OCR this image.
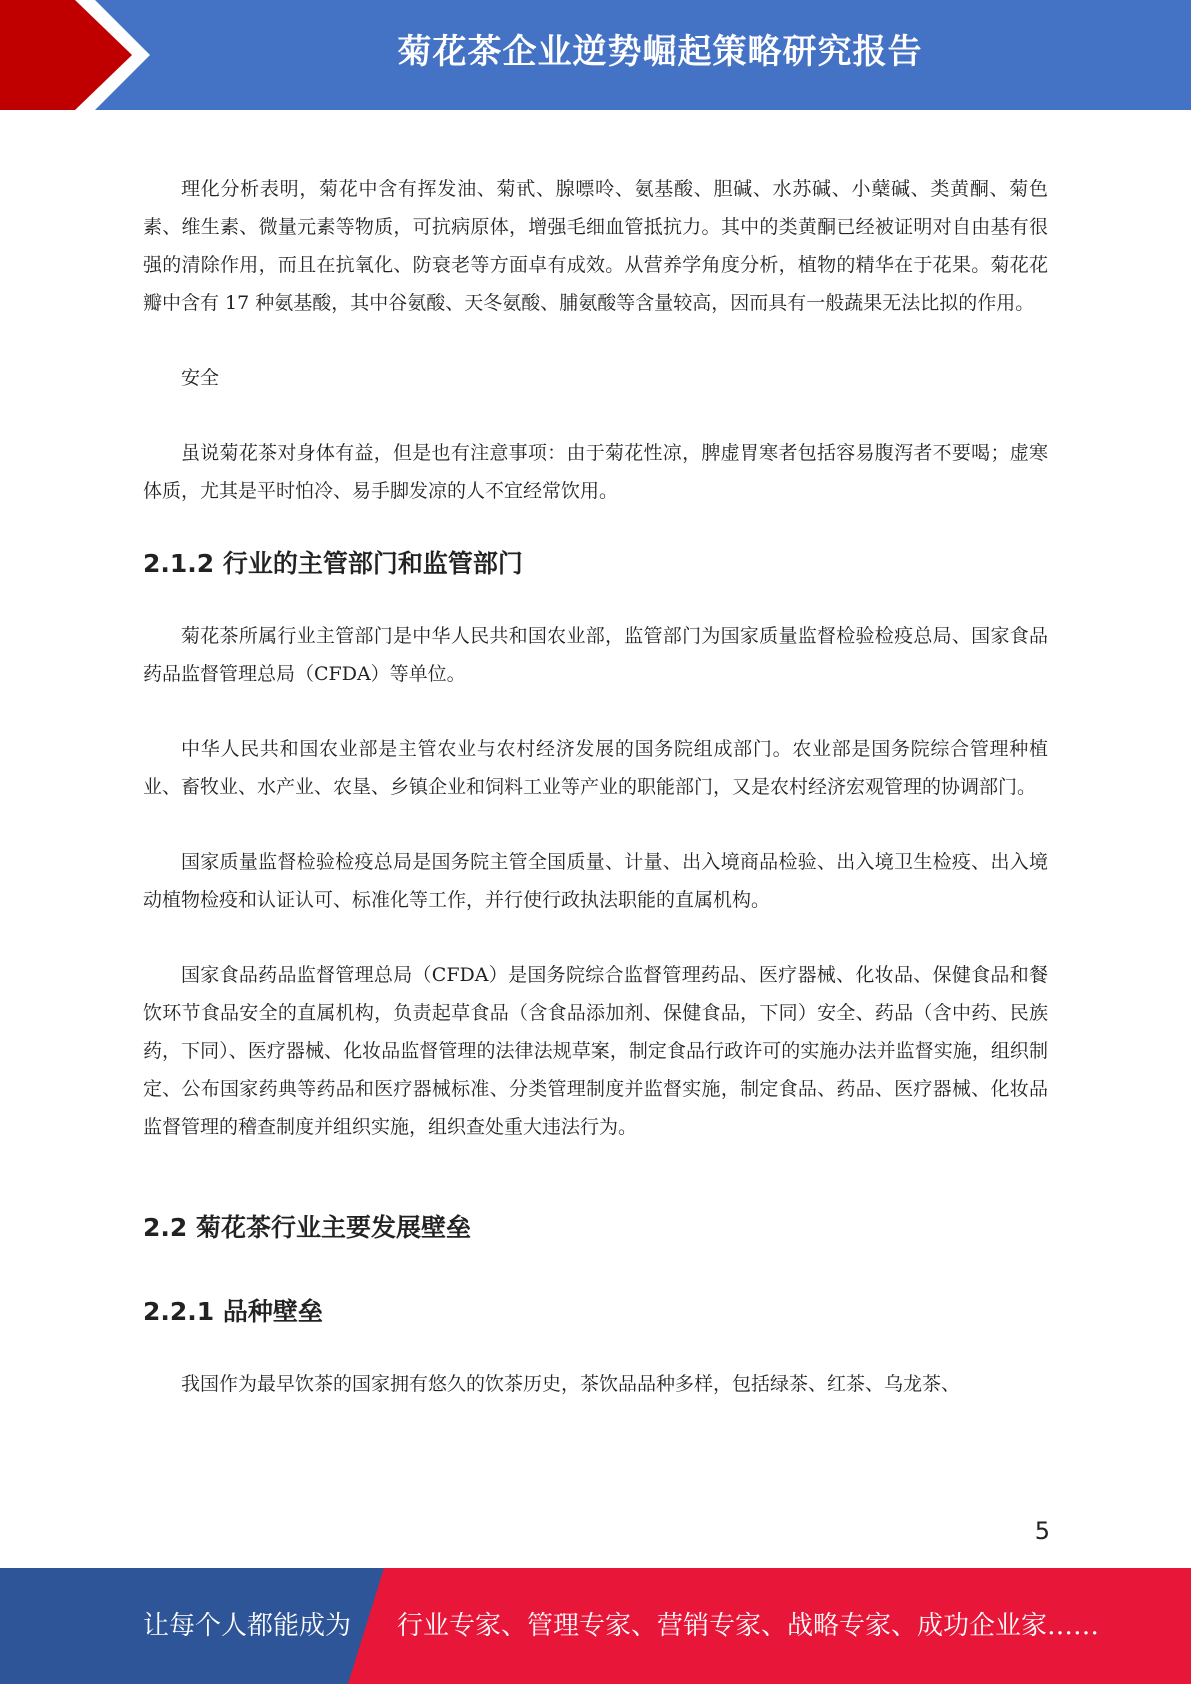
菊花茶企业逆势崛起策略研究报告

理化分析表明，菊花中含有挥发油、菊甙、腺嘌呤、氨基酸、胆碱、水苏碱、小蘖碱、类黄酮、菊色素、维生素、微量元素等物质，可抗病原体，增强毛细血管抵抗力。其中的类黄酮已经被证明对自由基有很强的清除作用，而且在抗氧化、防衰老等方面卓有成效。从营养学角度分析，植物的精华在于花果。菊花花瓣中含有 17 种氨基酸，其中谷氨酸、天冬氨酸、脯氨酸等含量较高，因而具有一般蔬果无法比拟的作用。

安全

虽说菊花茶对身体有益，但是也有注意事项：由于菊花性凉，脾虚胃寒者包括容易腹泻者不要喝；虚寒体质，尤其是平时怕冷、易手脚发凉的人不宜经常饮用。

2.1.2 行业的主管部门和监管部门

菊花茶所属行业主管部门是中华人民共和国农业部，监管部门为国家质量监督检验检疫总局、国家食品药品监督管理总局（CFDA）等单位。

中华人民共和国农业部是主管农业与农村经济发展的国务院组成部门。农业部是国务院综合管理种植业、畜牧业、水产业、农垦、乡镇企业和饲料工业等产业的职能部门，又是农村经济宏观管理的协调部门。

国家质量监督检验检疫总局是国务院主管全国质量、计量、出入境商品检验、出入境卫生检疫、出入境动植物检疫和认证认可、标准化等工作，并行使行政执法职能的直属机构。

国家食品药品监督管理总局（CFDA）是国务院综合监督管理药品、医疗器械、化妆品、保健食品和餐饮环节食品安全的直属机构，负责起草食品（含食品添加剂、保健食品，下同）安全、药品（含中药、民族药，下同）、医疗器械、化妆品监督管理的法律法规草案，制定食品行政许可的实施办法并监督实施，组织制定、公布国家药典等药品和医疗器械标准、分类管理制度并监督实施，制定食品、药品、医疗器械、化妆品监督管理的稽查制度并组织实施，组织查处重大违法行为。

2.2 菊花茶行业主要发展壁垒
2.2.1 品种壁垒

我国作为最早饮茶的国家拥有悠久的饮茶历史，茶饮品品种多样，包括绿茶、红茶、乌龙茶、

5
让每个人都能成为 行业专家、管理专家、营销专家、战略专家、成功企业家……
